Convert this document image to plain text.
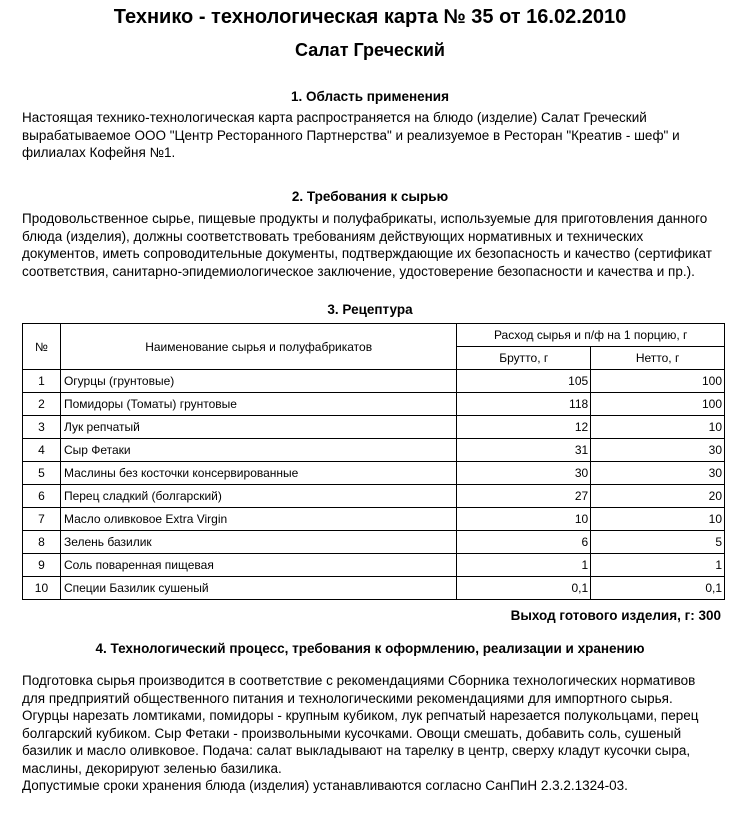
Технико - технологическая карта № 35 от 16.02.2010
Салат Греческий
1. Область применения
Настоящая технико-технологическая карта распространяется на блюдо (изделие) Салат Греческий вырабатываемое ООО "Центр Ресторанного Партнерства" и реализуемое в Ресторан "Креатив - шеф" и филиалах Кофейня №1.
2. Требования к сырью
Продовольственное сырье, пищевые продукты и полуфабрикаты, используемые для приготовления данного блюда (изделия), должны соответствовать требованиям действующих нормативных и технических документов, иметь сопроводительные документы, подтверждающие их безопасность и качество (сертификат соответствия, санитарно-эпидемиологическое заключение, удостоверение безопасности и качества и пр.).
3. Рецептура
№	Наименование сырья и полуфабрикатов	Расход сырья и п/ф на 1 порцию, г	
		Брутто, г	Нетто, г
1	Огурцы (грунтовые)	105	100
2	Помидоры (Томаты) грунтовые	118	100
3	Лук репчатый	12	10
4	Сыр Фетаки	31	30
5	Маслины без косточки консервированные	30	30
6	Перец сладкий (болгарский)	27	20
7	Масло оливковое Extra Virgin	10	10
8	Зелень базилик	6	5
9	Соль поваренная пищевая	1	1
10	Специи Базилик сушеный	0,1	0,1
Выход готового изделия, г: 300
4. Технологический процесс, требования к оформлению, реализации и хранению
Подготовка сырья производится в соответствие с рекомендациями Сборника технологических нормативов для предприятий общественного питания и технологическими рекомендациями для импортного сырья.
Огурцы нарезать ломтиками, помидоры - крупным кубиком, лук репчатый нарезается полукольцами, перец болгарский кубиком. Сыр Фетаки - произвольными кусочками. Овощи смешать, добавить соль, сушеный базилик и масло оливковое. Подача: салат выкладывают на тарелку в центр, сверху кладут кусочки сыра, маслины, декорируют зеленью базилика.
Допустимые сроки хранения блюда (изделия) устанавливаются согласно СанПиН 2.3.2.1324-03.
